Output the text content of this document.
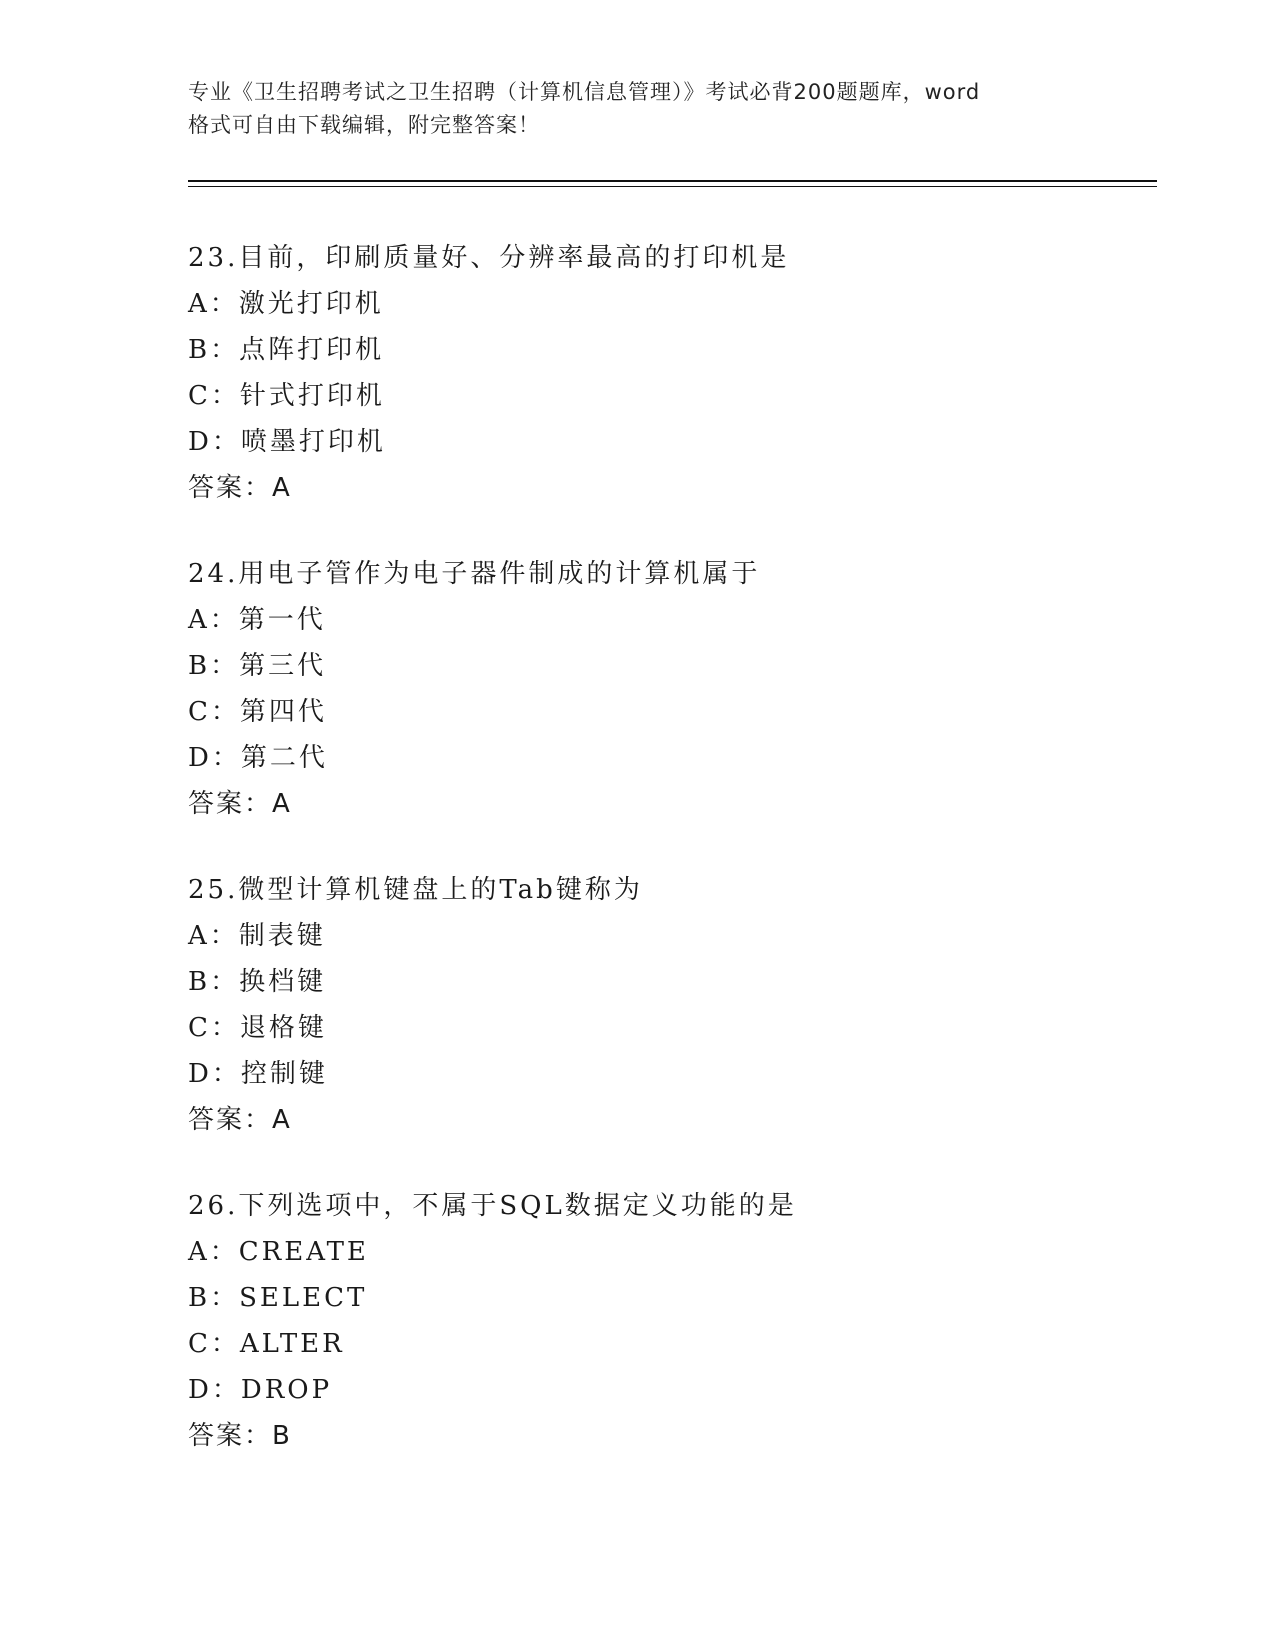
专业《卫生招聘考试之卫生招聘（计算机信息管理）》考试必背200题题库，word
格式可自由下载编辑，附完整答案！
23.目前，印刷质量好、分辨率最高的打印机是
A：激光打印机
B：点阵打印机
C：针式打印机
D：喷墨打印机
答案：A
24.用电子管作为电子器件制成的计算机属于
A：第一代
B：第三代
C：第四代
D：第二代
答案：A
25.微型计算机键盘上的Tab键称为
A：制表键
B：换档键
C：退格键
D：控制键
答案：A
26.下列选项中，不属于SQL数据定义功能的是
A：CREATE
B：SELECT
C：ALTER
D：DROP
答案：B
